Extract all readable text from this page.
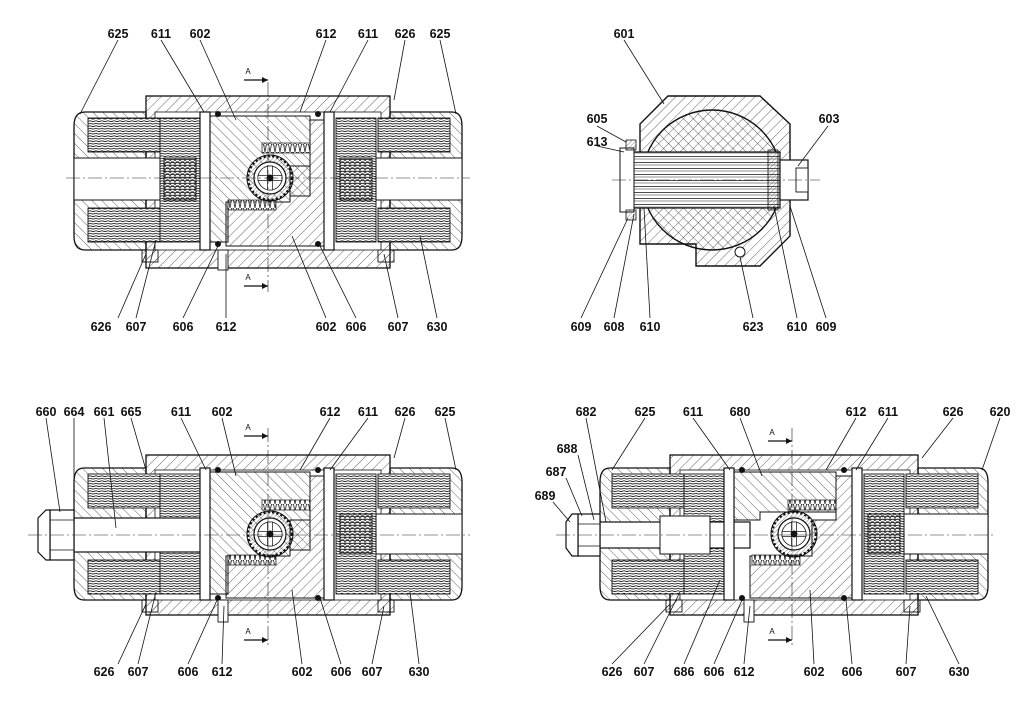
A
A
625 611 602	612 611 626 625
626 607 606 612	602 606 607 630
601
605
613
603
609 608 610	623 610 609
A
A
660 664 661 665 611 602	612 611 626 625
626 607 606 612	602 606 607 630
A
A
682	625 611 680	612 611	626 620
688
687
689
626 607 686 606 612	602 606	607	630
